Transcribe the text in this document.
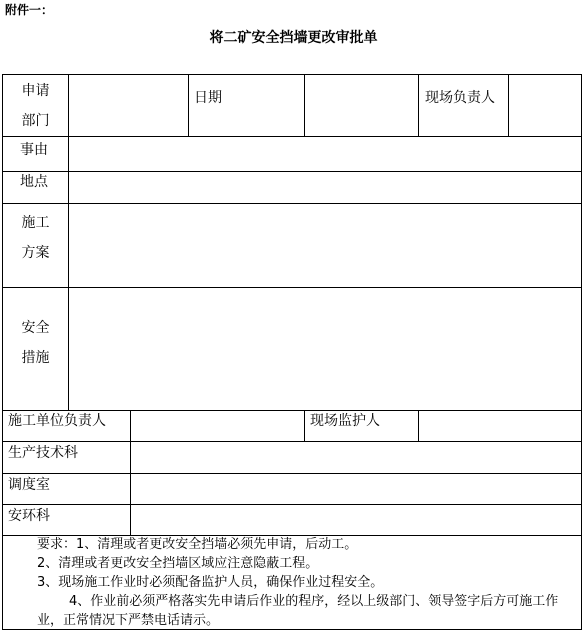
附件一：
将二矿安全挡墙更改审批单
申请
部门
日期	现场负责人
事由
地点
施工
方案
安全
措施
施工单位负责人	现场监护人
生产技术科
调度室
安环科

要求：1、清理或者更改安全挡墙必须先申请，后动工。

2、清理或者更改安全挡墙区域应注意隐蔽工程。

3、现场施工作业时必须配备监护人员，确保作业过程安全。

4、作业前必须严格落实先申请后作业的程序，经以上级部门、领导签字后方可施工作业，正常情况下严禁电话请示。
